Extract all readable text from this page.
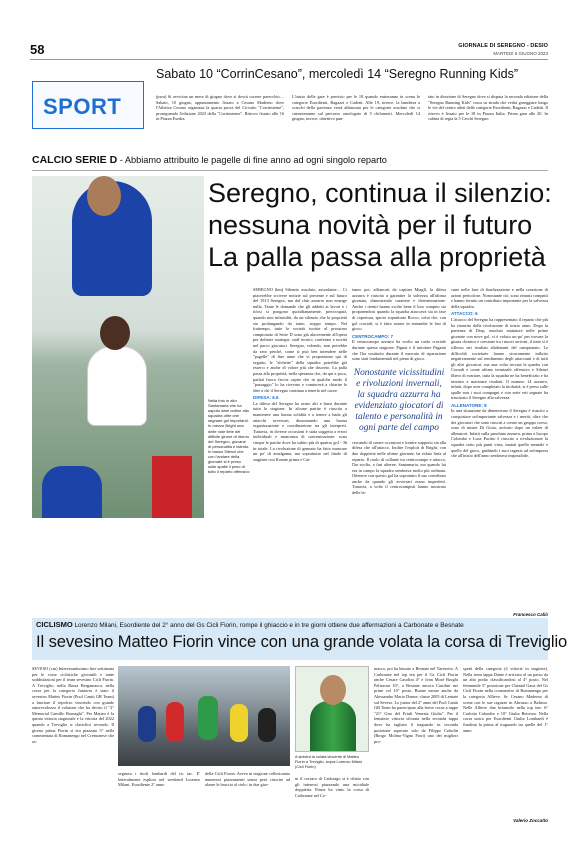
58	GIORNALE DI SEREGNO - DESIO
MARTEDÌ 6 GIUGNO 2023
SPORT
Sabato 10 “CorrinCesano”, mercoledì 14 “Seregno Running Kids”
(pwu) Si avvicina un mese di giugno dove si dovrà correre parecchio… Sabato, 10 giugno, appuntamento fissato a Cesano Maderno dove l'Atletica Cesano organizza la quarta prova del Circuito "Corrinsieme", proseguendo l'edizione 2023 della "Corrinsieme". Ritrovo fissato alle 16 in Piazza Esedra.
L'inizio delle gare è previsto per le 18 quando entreranno in scena le categorie Esordienti, Ragazzi e Cadetti. Alle 19, invece, la bandiera a scacchi della partenza verrà abbassata per le categorie assolute che si cimenteranno sul percorso omologato di 5 chilometri. Mercoledì 14 giugno, invece, obiettivo pun-
tato in direzione di Seregno dove si disputa la seconda edizione della "Seregno Running Kids" corsa su strada che vedrà gareggiare lungo le vie del centro atleti delle categorie Esordienti, Ragazzi e Cadetti. Il ritrovo è fissato per le 18 in Piazza Italia. Prima gara alle 20. In cabina di regia la 5 Cerchi Seregno.
CALCIO SERIE D - Abbiamo attribuito le pagelle di fine anno ad ogni singolo reparto
Nella foto in alto Santamaria che ha saputo dare ordine alla squadra oltre che segnare gol importanti. In mezzo Bright una delle note liete del difficile girone di ritorno del Seregno, giovane di personalità e talento. In basso Silenzi che con l'andare della giornate si è preso sulle spalle il peso di tutto il reparto offensivo
Seregno, continua il silenzio:
nessuna novità per il futuro
La palla passa alla proprietà
SEREGNO (bm) Silenzio assoluto, assordante… Ci piacerebbe scrivere notizie sul presente e sul futuro del 1913 Seregno, ma dal club azzurro non emerge nulla. Tante le domande che gli addetti ai lavori e i tifosi si pongono quotidianamente, preoccupati, quando non infastiditi, da un silenzio che la proprietà sta prolungando da tanto, troppo tempo. Nel frattempo, tutte le società iscritte al prossimo campionato di Serie D sono già alacremente all'opera per definire strategie, staff tecnici, conferme e novità nel parco giocatori. Seregno, volendo, non potrebbe da zero perché, come si può ben intendere nelle "pagelle" di fine anno che vi proponiamo qui di seguito, le "alchette" della squadra potrebbe già esserci e anche di valore più che discreto. La palla passa alla proprietà, nella speranza che, da qui a poco, parlati fuoco faccia capire che in qualche modo il "passaggio" lo ha ricevuto e comincerà a chiarire le idee a chi il Seregno continua a tenerlo nel cuore.
DIFESA: 6.5
La difesa del Seregno ha avuto alti e bassi durante tutta la stagione. In alcune partite è riuscita a mantenere una buona solidità e a tenere a bada gli attacchi avversari, dimostrando una buona organizzazione e coordinazione tra gli interpreti. Tuttavia, in diverse occasioni è stata soggetta a errori individuali e mancanza di concentrazione: sono cinque le partite dove ha subito più di quattro gol - 36 in totale. La rivoluzione di gennaio ha fatto mancare un po' di amalgama, ma soprattutto nel finale di stagione con Konate prima e Cat-
taneo poi, affiancati da capitan Miaglì, la difesa azzurra è riuscita a garantire la salvezza all'ultima giornata, dimostrando carattere e determinazione. Anche i rientri hanno svolto bene il loro compito sia proponendosi quando la squadra attaccava sia in fase di copertura, specie soprattutto Rocco, colui che, con gol cruciali, si è fatto notare in entrambe le fasi di gioco.
CENTROCAMPO: 7
Il centrocampo azzurro ha svolto un ruolo cruciale durante questa stagione. Pignat e il tuttofare Paganti che l'ha sostituito durante il mercato di riparazione sono stati fondamentali nel pieno di gioco.
Nonostante vicissitudini e rivoluzioni invernali, la squadra azzurra ha evidenziato giocatori di talento e personalità in ogni parte del campo
cercando di creare occasioni e fornire supporto sia alla difesa che all'attacco. Inoltre l'exploit di Bright, con due doppiette nelle ultime giornate, ha ridato linfa al reparto. Il ruolo di collante tra centrocampo e attacco, l'ha svolto, a fasi alterne, Santamaria, ma quando lui era in campo la squadra sembrava molto più ordinata. Ottenere con questo gol ha sopratutto il suo contributo anche da quando gli avversari erano imperfetti. Tuttavia, a volte il centrocampisti hanno mostrato delle la-
cune nella fase di finalizzazione e nella creazione di azioni pericolose. Nonostante ciò, sono rimasti compatti e hanno fornito un contributo importante per la salvezza della squadra.
ATTACCO: 6
L'attacco del Seregno ha rappresentato il reparto che più ha risentito della rivoluzione di inizio anno. Dopo la partenza di Diop, assoluto mattatore nelle prime giornate con nove gol, ci è voluto un po' per trovare la giusta chimica e coesione tra i nuovi arrivati, il tutto si è riflesso nei risultati altalenanti del campionato. Le difficoltà societarie hanno sicuramente influito negativamente sul rendimento degli attaccanti e di tutti gli altri giocatori, ma una volta trovata la quadra con Corradi e come ultimo terminale offensivo e Silenzi libero di svariare, tutta la squadra ne ha beneficiato e ha iniziato a macinare risultati. Il numero 14 azzurro, infatti, dopo aver completato la titolarità, si è preso sulle spalle non i suoi compagni e con sette reti segnate ha trascinato il Seregno alla salvezza.
ALLENATORE: 8
In una situazione da dimenticare il Seregno è riuscito a conquistare un'importante salvezza e i meriti, oltre che dei giocatori che sono riusciti a creare un gruppo coeso, sono di mister Di Gioia, arrivato dopo un valzer di allenatori. Infatti sulla panchina azzurra, prima a Iacopo Colombo e Luca Pacitto è riuscito a rivoluzionare la squadra sotto più punti vista, mutati quello mentale e quello del gioco, guidando i suoi ragazzi ad un'impresa che all'inizio dell'anno sembrava impossibile.
Francesco Caliò
CICLISMO Lorenzo Milani, Esordiente del 2° anno del Gs Cicli Fiorin, rompe il ghiaccio e in tre giorni ottiene due affermazioni a Carbonate e Besnate
Il sevesino Matteo Fiorin vince con una grande volata la corsa di Treviglio
SEVESO (cm) Interessantissimo fine settimana per le corse ciclistiche giovanili e tante soddisfazioni per il team sevesino Cicli Fiorin. A Treviglio, nella Bassa Bergamasca, nella corsa per la categoria Juniores è stato il sevesino Matteo Fiorin (Pool Cantù GB Team) a lanciare il sepolcro vincendo con grande autorevolezza il volatone che ha deciso il "2° Memorial Camillo Bornaghi". Per Matteo è la quinta vittoria stagionale e la vittoria del 2022 quando a Treviglio si classificò secondo. Il giorno prima Fiorin si era piazzato 5° nella commentata di Romanengo nel Cremonese che as-
segnava i titoli lombardi del tic tac. E' letteralmente esploso nel weekend Lorenzo Milani, Esordiente 2° anno
della Cicli Fiorin. Aveva in stagione collezionato numerosi piazzamenti senza però riuscire ad alzare le braccia al cielo: in due gior-
A sinistra la volata vincente di Matteo Fiorin a Treviglio, sopra Lorenzo Milani (Cicli Fiorin)
ni il corsaro di Cadorago si è rifatto con gli interessi piazzando una micidiale doppietta. Prima ha vinto la corsa di Carbonate nel Co-
masco, poi ha bissato a Besnate nel Varesotto. A Carbonate nel top ten per il Gs Cicli Fiorin anche Cesare Casolini 4° e Ivan Mosè Borghi Pelizzoni 10°, a Besnate ancora Casolini nei primi col 10° posto. Buone mosse anche da Alessandro Mario Donne, classe 2005 di Lentate sul Seveso. Lo junior del 2° anno del Pool Cantù GB Team ha partecipato alla breve corsa a tappe "21° Giro del Friuli Venezia Giulia". Per il lentatese vittoria sfiorata nella seconda tappa dove ha tagliato il traguardo in seconda posizione superato solo da Filippo Cettolin (Borgo Molino-Vigna Fiori) uno dei migliori pro-
spetti della categoria (4 vittorie in stagione). Nella terza tappa Dante è arrivato al un passo da un alto podio classificandosi al 4° posto. Nel femminile 5° posizione per Chantal Gauz del Gs Cicli Fiorin nella cronometro di Romanengo per la categoria Allieve. Sc Cesano Maderno di scena con le sue ragazze in Abruzzo a Balsmo. Nelle Allieve due brianzole nella top ten: 6° Carlotta Colombo e 10° Giulia Betresta. Nella corsa unica per Esordienti Giulia Lombardi è finalista la prima al traguardo tra quelle del 1° anno.
Valerio Zoccatto
